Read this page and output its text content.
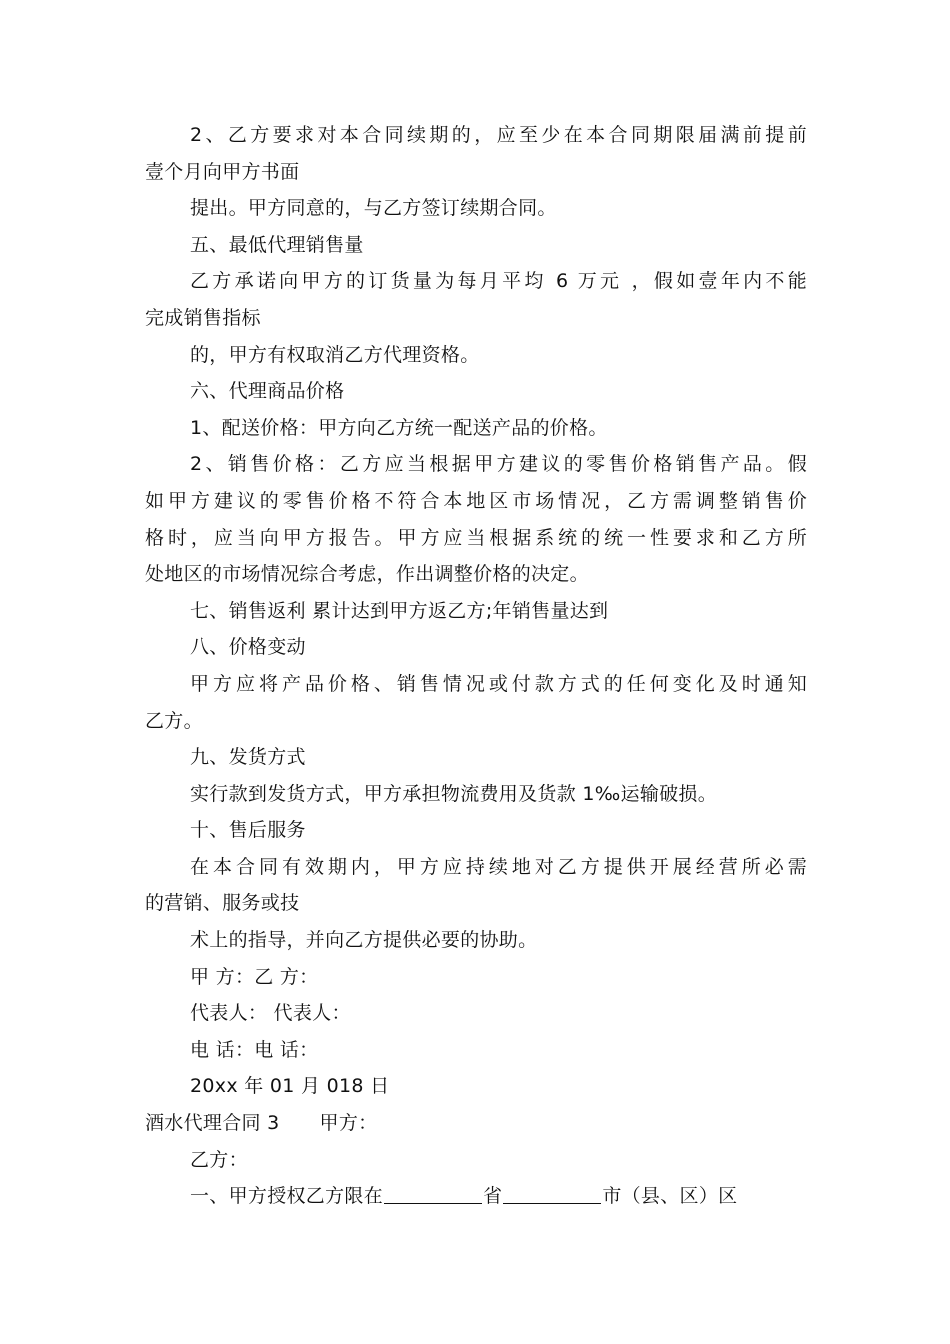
2、乙方要求对本合同续期的，应至少在本合同期限届满前提前
壹个月向甲方书面
提出。甲方同意的，与乙方签订续期合同。
五、最低代理销售量
乙方承诺向甲方的订货量为每月平均 6 万元 ，假如壹年内不能
完成销售指标
的，甲方有权取消乙方代理资格。
六、代理商品价格
1、配送价格：甲方向乙方统一配送产品的价格。
2、销售价格：乙方应当根据甲方建议的零售价格销售产品。假
如甲方建议的零售价格不符合本地区市场情况，乙方需调整销售价
格时，应当向甲方报告。甲方应当根据系统的统一性要求和乙方所
处地区的市场情况综合考虑，作出调整价格的决定。
七、销售返利 累计达到甲方返乙方;年销售量达到
八、价格变动
甲方应将产品价格、销售情况或付款方式的任何变化及时通知
乙方。
九、发货方式
实行款到发货方式，甲方承担物流费用及货款 1‰运输破损。
十、售后服务
在本合同有效期内，甲方应持续地对乙方提供开展经营所必需
的营销、服务或技
术上的指导，并向乙方提供必要的协助。
甲 方：乙 方：
代表人： 代表人：
电 话：电 话：
20xx 年 01 月 018 日
酒水代理合同 3 甲方：
乙方：
一、甲方授权乙方限在	省	市（县、区）区
